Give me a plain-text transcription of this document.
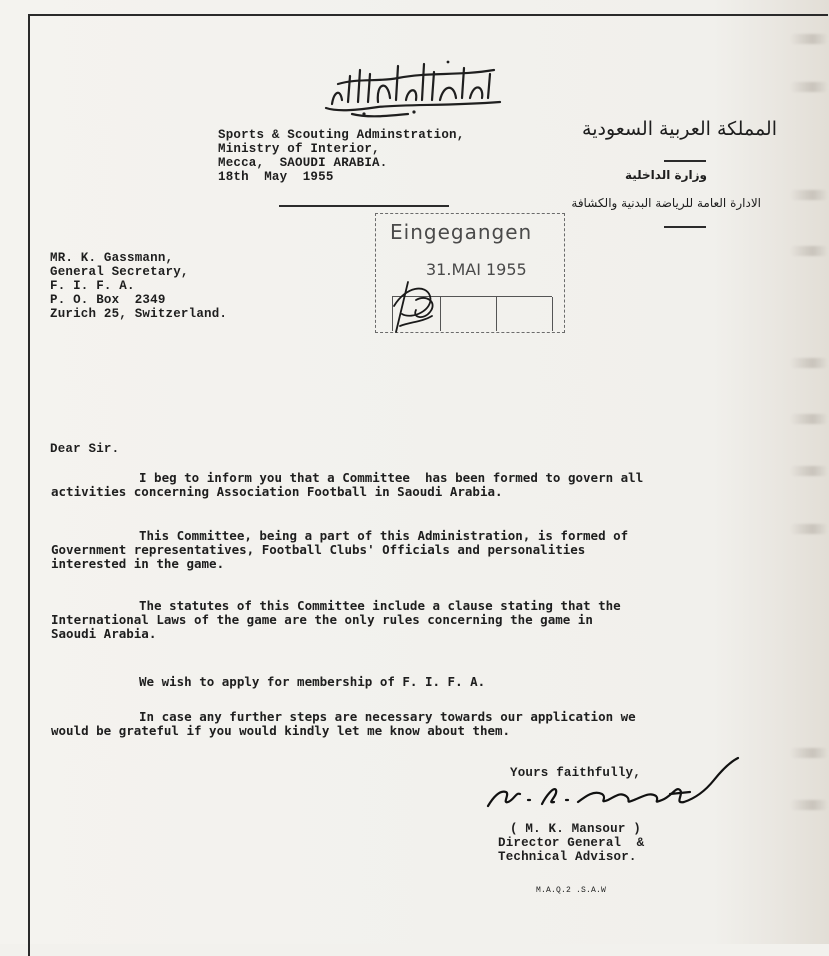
Sports & Scouting Adminstration,
Ministry of Interior,
Mecca,  SAOUDI ARABIA.
18th  May  1955
المملكة العربية السعودية
وزارة الداخلية
الادارة العامة للرياضة البدنية والكشافة
Eingegangen
31.MAI 1955
MR. K. Gassmann,
General Secretary,
F. I. F. A.
P. O. Box  2349
Zurich 25, Switzerland.
Dear Sir.
I beg to inform you that a Committee  has been formed to govern all
activities concerning Association Football in Saoudi Arabia.
This Committee, being a part of this Administration, is formed of
Government representatives, Football Clubs' Officials and personalities
interested in the game.
The statutes of this Committee include a clause stating that the
International Laws of the game are the only rules concerning the game in
Saoudi Arabia.
We wish to apply for membership of F. I. F. A.
In case any further steps are necessary towards our application we
would be grateful if you would kindly let me know about them.
Yours faithfully,
( M. K. Mansour )
Director General  &
Technical Advisor.
M.A.Q.2 .S.A.W
